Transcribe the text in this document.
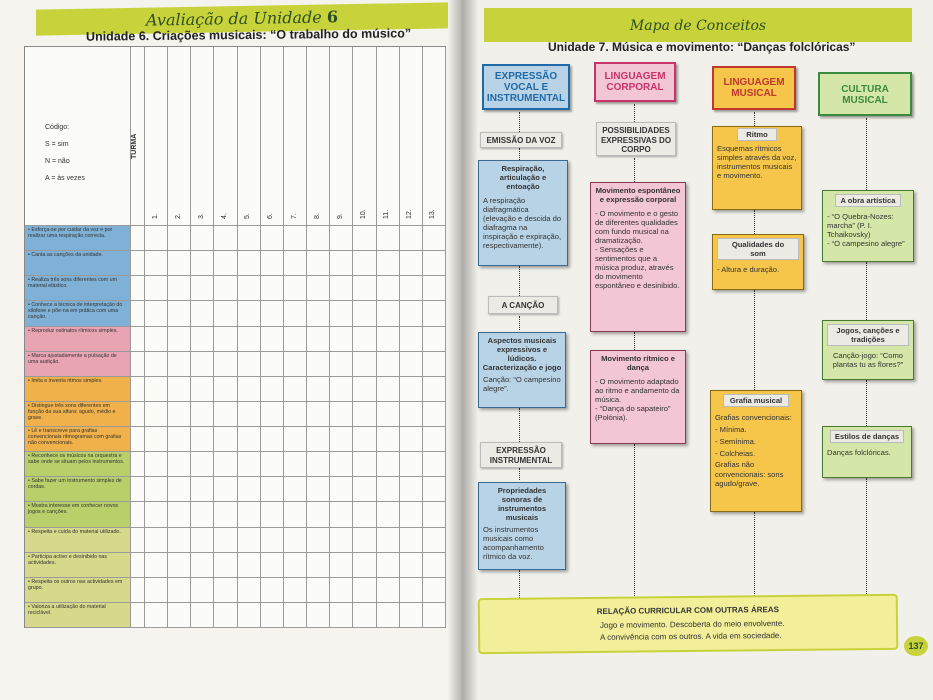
Avaliação da Unidade 6
Unidade 6. Criações musicais: “O trabalho do músico”
Código:
S = sim
N = não
A = às vezes
TURMA
• Esforça-se por cuidar da voz e por realizar uma respiração correcta.
• Canta as canções da unidade.
• Realiza três sons diferentes com um material elástico.
• Conhece a técnica de interpretação do xilofone e põe-na em prática com uma canção.
• Reproduz ostinatos rítmicos simples.
• Marca ajustadamente a pulsação de uma audição.
• Imita e inventa ritmos simples.
• Distingue três sons diferentes em função da sua altura: agudo, médio e grave.
• Lê e transcreve para grafias convencionais ritmogramas com grafias não convencionais.
• Reconhece os músicos na orquestra e sabe onde se situam pelos instrumentos.
• Sabe fazer um instrumento simples de cordas.
• Mostra interesse em conhecer novos jogos e canções.
• Respeita e cuida do material utilizado.
• Participa activo e desinibido nas actividades.
• Respeita os outros nas actividades em grupo.
• Valoriza a utilização do material reciclável.
1. 2. 3. 4. 5. 6. 7. 8. 9. 10. 11. 12. 13.
Mapa de Conceitos
Unidade 7. Música e movimento: “Danças folclóricas”
EXPRESSÃO VOCAL E INSTRUMENTAL
LINGUAGEM CORPORAL	LINGUAGEM MUSICAL	CULTURA MUSICAL
EMISSÃO DA VOZ
Respiração, articulação e entoação
A respiração diafragmática (elevação e descida do diafragma na inspiração e expiração, respectivamente).
A CANÇÃO
Aspectos musicais expressivos e lúdicos. Caracterização e jogo
Canção: “O campesino alegre”.
EXPRESSÃO INSTRUMENTAL
Propriedades sonoras de instrumentos musicais
Os instrumentos musicais como acompanhamento rítmico da voz.
POSSIBILIDADES EXPRESSIVAS DO CORPO
Movimento espontâneo e expressão corporal
- O movimento e o gesto de diferentes qualidades com fundo musical na dramatização.
- Sensações e sentimentos que a música produz, através do movimento espontâneo e desinibido.
Movimento rítmico e dança
- O movimento adaptado ao ritmo e andamento da música.
- “Dança do sapateiro” (Polónia).
Ritmo
Esquemas rítmicos simples através da voz, instrumentos musicais e movimento.
Qualidades do som
- Altura e duração.
Grafia musical
Grafias convencionais:
- Mínima.
- Semínima.
- Colcheias.
Grafias não convencionais: sons agudo/grave.
A obra artística
- “O Quebra-Nozes: marcha” (P. I. Tchaikovsky)
- “O campesino alegre”
Jogos, canções e tradições
Canção-jogo: “Como plantas tu as flores?”
Estilos de danças
Danças folclóricas.
RELAÇÃO CURRICULAR COM OUTRAS ÁREAS
Jogo e movimento. Descoberta do meio envolvente.
A convivência com os outros. A vida em sociedade.
137
